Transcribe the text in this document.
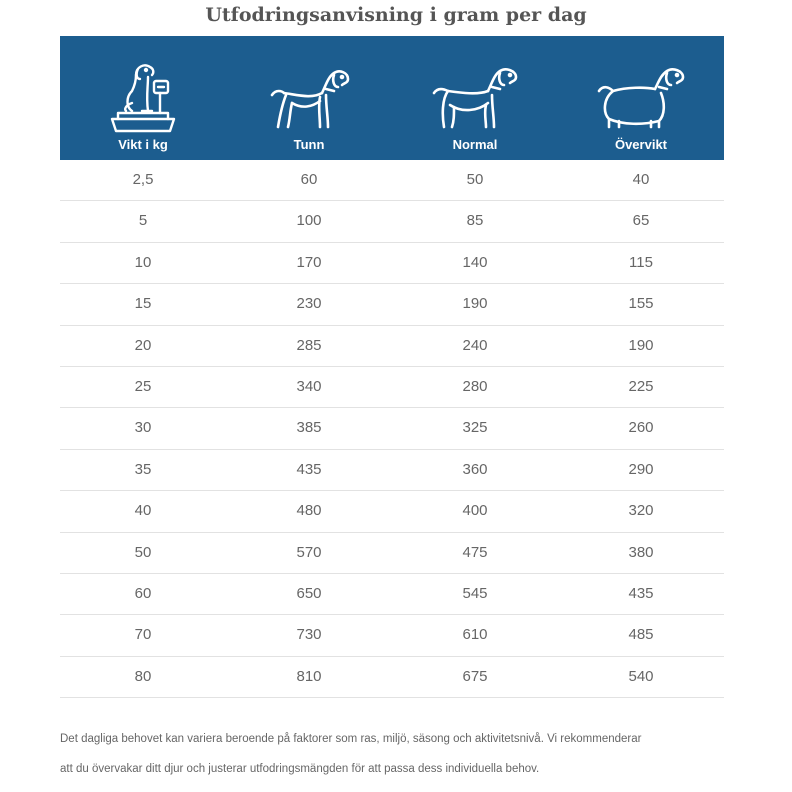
Utfodringsanvisning i gram per dag
Vikt i kg	Tunn	Normal	Övervikt
2,5	60	50	40
5	100	85	65
10	170	140	115
15	230	190	155
20	285	240	190
25	340	280	225
30	385	325	260
35	435	360	290
40	480	400	320
50	570	475	380
60	650	545	435
70	730	610	485
80	810	675	540
Det dagliga behovet kan variera beroende på faktorer som ras, miljö, säsong och aktivitetsnivå. Vi rekommenderar
att du övervakar ditt djur och justerar utfodringsmängden för att passa dess individuella behov.
